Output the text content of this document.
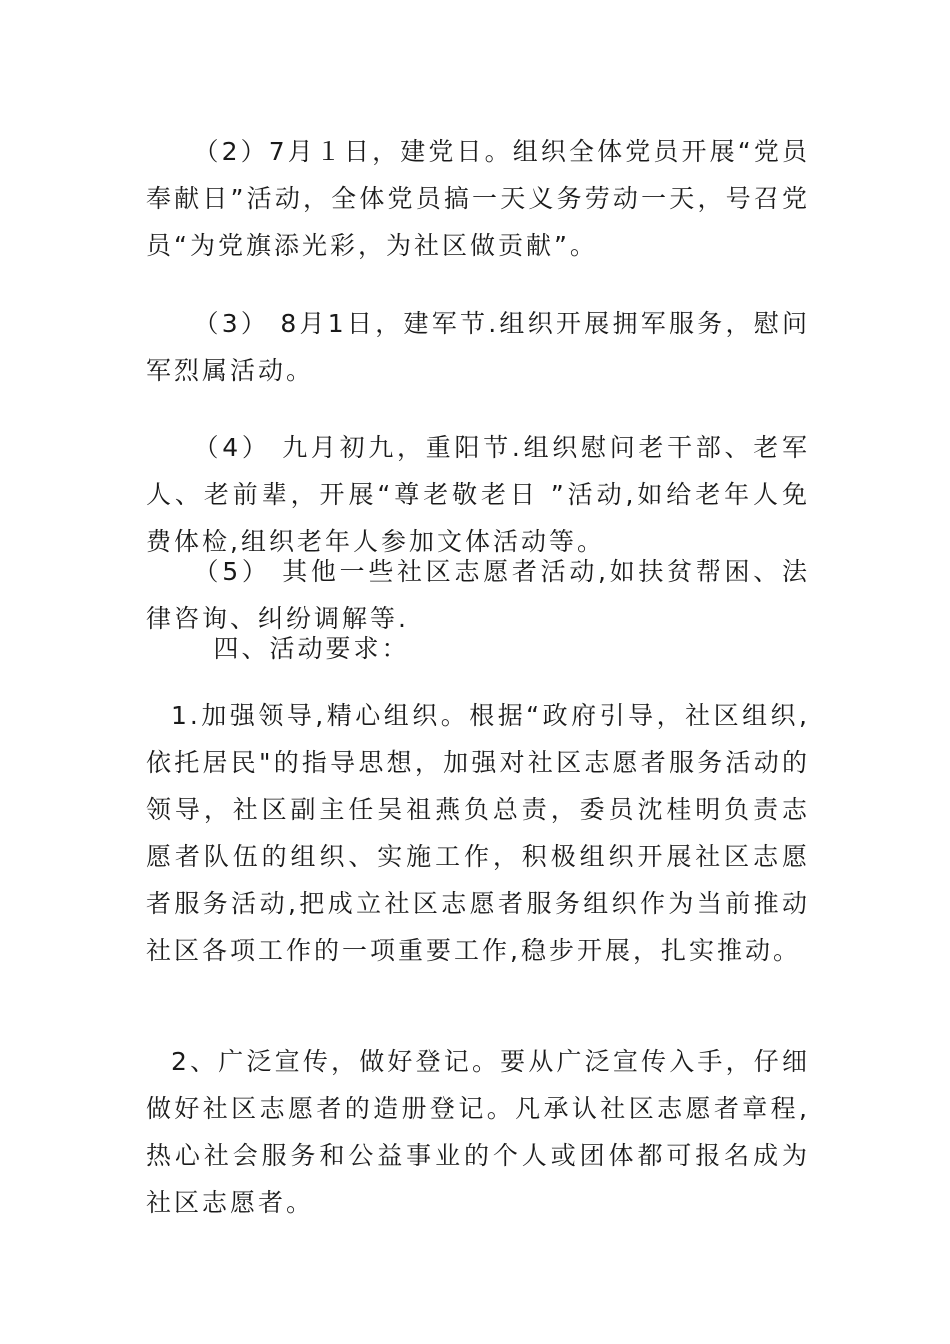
（2）7月１日，建党日。组织全体党员开展“党员奉献日”活动，全体党员搞一天义务劳动一天，号召党员“为党旗添光彩，为社区做贡献”。

（3） 8月1日，建军节.组织开展拥军服务，慰问军烈属活动。

（4） 九月初九，重阳节.组织慰问老干部、老军人、老前辈，开展“尊老敬老日 ”活动,如给老年人免费体检,组织老年人参加文体活动等。

（5） 其他一些社区志愿者活动,如扶贫帮困、法律咨询、纠纷调解等.

四、活动要求：

1.加强领导,精心组织。根据“政府引导，社区组织,依托居民"的指导思想，加强对社区志愿者服务活动的领导，社区副主任吴祖燕负总责，委员沈桂明负责志愿者队伍的组织、实施工作，积极组织开展社区志愿者服务活动,把成立社区志愿者服务组织作为当前推动社区各项工作的一项重要工作,稳步开展，扎实推动。

2、广泛宣传，做好登记。要从广泛宣传入手，仔细做好社区志愿者的造册登记。凡承认社区志愿者章程,热心社会服务和公益事业的个人或团体都可报名成为社区志愿者。
